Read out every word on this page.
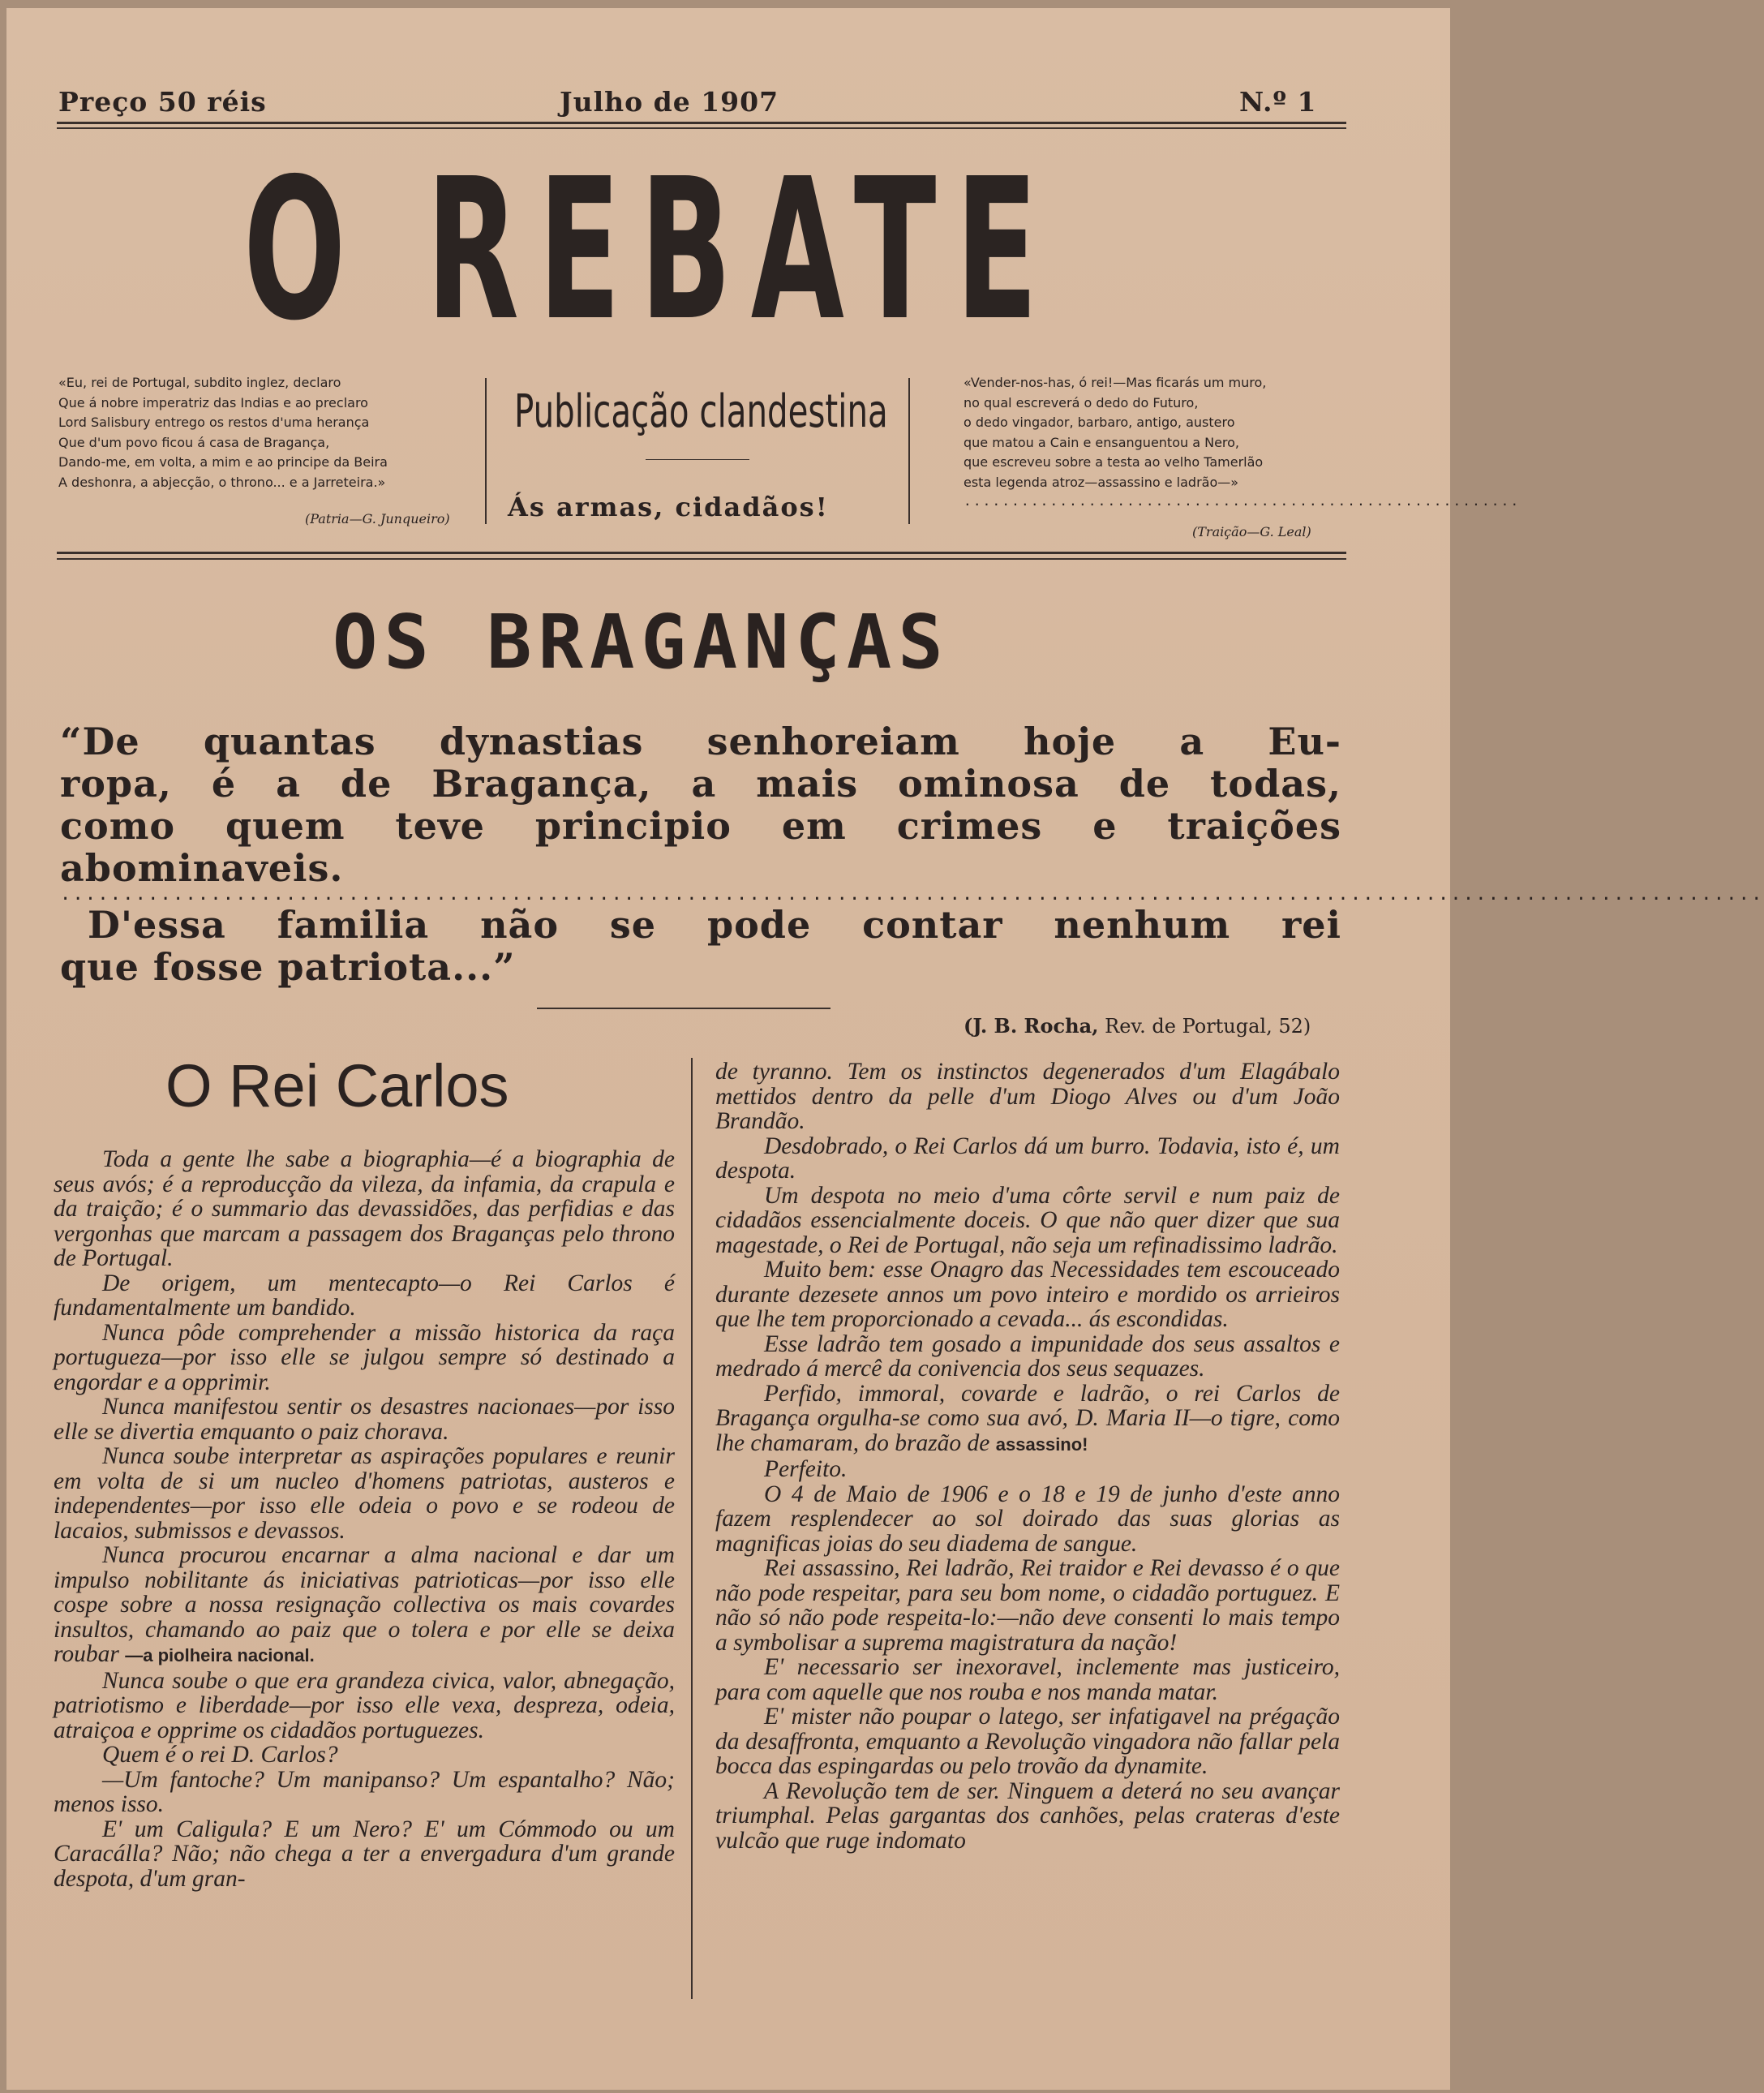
Preço 50 réis	Julho de 1907	N.º 1
O REBATE
Publicação clandestina
Ás armas, cidadãos!
«Eu, rei de Portugal, subdito inglez, declaro
Que á nobre imperatriz das Indias e ao preclaro
Lord Salisbury entrego os restos d'uma herança
Que d'um povo ficou á casa de Bragança,
Dando-me, em volta, a mim e ao principe da Beira
A deshonra, a abjecção, o throno... e a Jarreteira.»
(Patria—G. Junqueiro)
«Vender-nos-has, ó rei!—Mas ficarás um muro,
no qual escreverá o dedo do Futuro,
o dedo vingador, barbaro, antigo, austero
que matou a Cain e ensanguentou a Nero,
que escreveu sobre a testa ao velho Tamerlão
esta legenda atroz—assassino e ladrão—»
..........................................................
(Traição—G. Leal)
OS BRAGANÇAS
“De quantas dynastias senhoreiam hoje a Eu-
ropa, é a de Bragança, a mais ominosa de todas,
como quem teve principio em crimes e traições
abominaveis.
........................................................................................................................................
D'essa familia não se pode contar nenhum rei
que fosse patriota...”
(J. B. Rocha, Rev. de Portugal, 52)
O Rei Carlos

Toda a gente lhe sabe a biographia—é a biographia de seus avós; é a reproducção da vileza, da infamia, da crapula e da traição; é o summario das devassidões, das perfidias e das vergonhas que marcam a passagem dos Braganças pelo throno de Portugal.

De origem, um mentecapto—o Rei Carlos é fundamentalmente um bandido.

Nunca pôde comprehender a missão historica da raça portugueza—por isso elle se julgou sempre só destinado a engordar e a opprimir.

Nunca manifestou sentir os desastres nacionaes—por isso elle se divertia emquanto o paiz chorava.

Nunca soube interpretar as aspirações populares e reunir em volta de si um nucleo d'homens patriotas, austeros e independentes—por isso elle odeia o povo e se rodeou de lacaios, submissos e devassos.

Nunca procurou encarnar a alma nacional e dar um impulso nobilitante ás iniciativas patrioticas—por isso elle cospe sobre a nossa resignação collectiva os mais covardes insultos, chamando ao paiz que o tolera e por elle se deixa roubar —a piolheira nacional.

Nunca soube o que era grandeza civica, valor, abnegação, patriotismo e liberdade—por isso elle vexa, despreza, odeia, atraiçoa e opprime os cidadãos portuguezes.

Quem é o rei D. Carlos?

—Um fantoche? Um manipanso? Um espantalho? Não; menos isso.

E' um Caligula? E um Nero? E' um Cómmodo ou um Caracálla? Não; não chega a ter a envergadura d'um grande despota, d'um gran-

de tyranno. Tem os instinctos degenerados d'um Elagábalo mettidos dentro da pelle d'um Diogo Alves ou d'um João Brandão.

Desdobrado, o Rei Carlos dá um burro. Todavia, isto é, um despota.

Um despota no meio d'uma côrte servil e num paiz de cidadãos essencialmente doceis. O que não quer dizer que sua magestade, o Rei de Portugal, não seja um refinadissimo ladrão.

Muito bem: esse Onagro das Necessidades tem escouceado durante dezesete annos um povo inteiro e mordido os arrieiros que lhe tem proporcionado a cevada... ás escondidas.

Esse ladrão tem gosado a impunidade dos seus assaltos e medrado á mercê da conivencia dos seus sequazes.

Perfido, immoral, covarde e ladrão, o rei Carlos de Bragança orgulha-se como sua avó, D. Maria II—o tigre, como lhe chamaram, do brazão de assassino!

Perfeito.

O 4 de Maio de 1906 e o 18 e 19 de junho d'este anno fazem resplendecer ao sol doirado das suas glorias as magnificas joias do seu diadema de sangue.

Rei assassino, Rei ladrão, Rei traidor e Rei devasso é o que não pode respeitar, para seu bom nome, o cidadão portuguez. E não só não pode respeita-lo:—não deve consenti lo mais tempo a symbolisar a suprema magistratura da nação!

E' necessario ser inexoravel, inclemente mas justiceiro, para com aquelle que nos rouba e nos manda matar.

E' mister não poupar o latego, ser infatigavel na prégação da desaffronta, emquanto a Revolução vingadora não fallar pela bocca das espingardas ou pelo trovão da dynamite.

A Revolução tem de ser. Ninguem a deterá no seu avançar triumphal. Pelas gargantas dos canhões, pelas crateras d'este vulcão que ruge indomato
